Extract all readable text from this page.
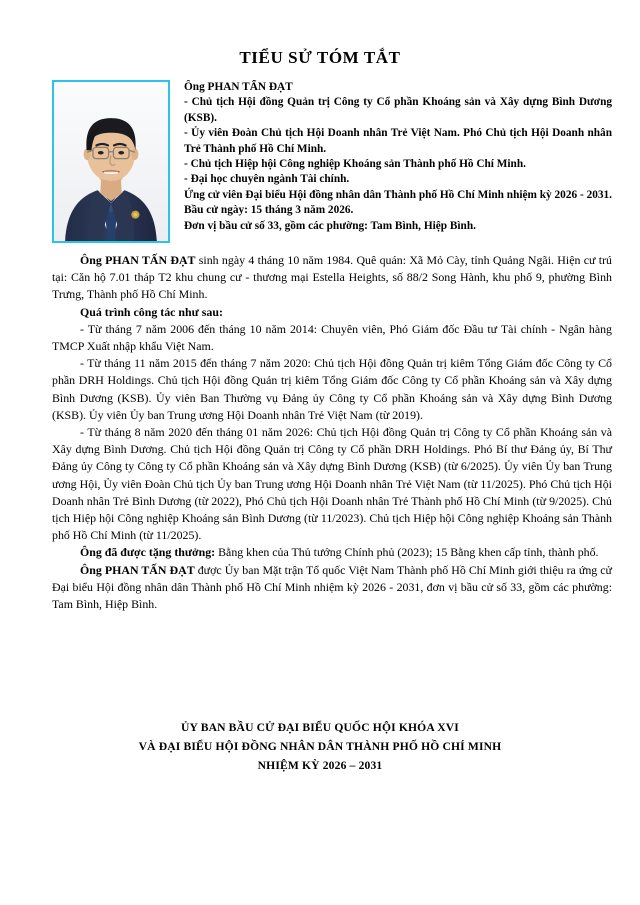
TIỂU SỬ TÓM TẮT
Ông PHAN TẤN ĐẠT
- Chủ tịch Hội đồng Quản trị Công ty Cổ phần Khoáng sản và Xây dựng Bình Dương (KSB).
- Ủy viên Đoàn Chủ tịch Hội Doanh nhân Trẻ Việt Nam. Phó Chủ tịch Hội Doanh nhân Trẻ Thành phố Hồ Chí Minh.
- Chủ tịch Hiệp hội Công nghiệp Khoáng sản Thành phố Hồ Chí Minh.
- Đại học chuyên ngành Tài chính.
Ứng cử viên Đại biểu Hội đồng nhân dân Thành phố Hồ Chí Minh nhiệm kỳ 2026 - 2031.
Bầu cử ngày: 15 tháng 3 năm 2026.
Đơn vị bầu cử số 33, gồm các phường: Tam Bình, Hiệp Bình.

Ông PHAN TẤN ĐẠT sinh ngày 4 tháng 10 năm 1984. Quê quán: Xã Mỏ Cày, tỉnh Quảng Ngãi. Hiện cư trú tại: Căn hộ 7.01 tháp T2 khu chung cư - thương mại Estella Heights, số 88/2 Song Hành, khu phố 9, phường Bình Trưng, Thành phố Hồ Chí Minh.

Quá trình công tác như sau:

- Từ tháng 7 năm 2006 đến tháng 10 năm 2014: Chuyên viên, Phó Giám đốc Đầu tư Tài chính - Ngân hàng TMCP Xuất nhập khẩu Việt Nam.

- Từ tháng 11 năm 2015 đến tháng 7 năm 2020: Chủ tịch Hội đồng Quản trị kiêm Tổng Giám đốc Công ty Cổ phần DRH Holdings. Chủ tịch Hội đồng Quản trị kiêm Tổng Giám đốc Công ty Cổ phần Khoáng sản và Xây dựng Bình Dương (KSB). Ủy viên Ban Thường vụ Đảng ủy Công ty Cổ phần Khoáng sản và Xây dựng Bình Dương (KSB). Ủy viên Ủy ban Trung ương Hội Doanh nhân Trẻ Việt Nam (từ 2019).

- Từ tháng 8 năm 2020 đến tháng 01 năm 2026: Chủ tịch Hội đồng Quản trị Công ty Cổ phần Khoáng sản và Xây dựng Bình Dương. Chủ tịch Hội đồng Quản trị Công ty Cổ phần DRH Holdings. Phó Bí thư Đảng ủy, Bí Thư Đảng ủy Công ty Công ty Cổ phần Khoáng sản và Xây dựng Bình Dương (KSB) (từ 6/2025). Ủy viên Ủy ban Trung ương Hội, Ủy viên Đoàn Chủ tịch Ủy ban Trung ương Hội Doanh nhân Trẻ Việt Nam (từ 11/2025). Phó Chủ tịch Hội Doanh nhân Trẻ Bình Dương (từ 2022), Phó Chủ tịch Hội Doanh nhân Trẻ Thành phố Hồ Chí Minh (từ 9/2025). Chủ tịch Hiệp hội Công nghiệp Khoáng sản Bình Dương (từ 11/2023). Chủ tịch Hiệp hội Công nghiệp Khoáng sản Thành phố Hồ Chí Minh (từ 11/2025).

Ông đã được tặng thưởng: Bằng khen của Thủ tướng Chính phủ (2023); 15 Bằng khen cấp tỉnh, thành phố.

Ông PHAN TẤN ĐẠT được Ủy ban Mặt trận Tổ quốc Việt Nam Thành phố Hồ Chí Minh giới thiệu ra ứng cử Đại biểu Hội đồng nhân dân Thành phố Hồ Chí Minh nhiệm kỳ 2026 - 2031, đơn vị bầu cử số 33, gồm các phường: Tam Bình, Hiệp Bình.

ỦY BAN BẦU CỬ ĐẠI BIỂU QUỐC HỘI KHÓA XVI
VÀ ĐẠI BIỂU HỘI ĐỒNG NHÂN DÂN THÀNH PHỐ HỒ CHÍ MINH
NHIỆM KỲ 2026 – 2031
